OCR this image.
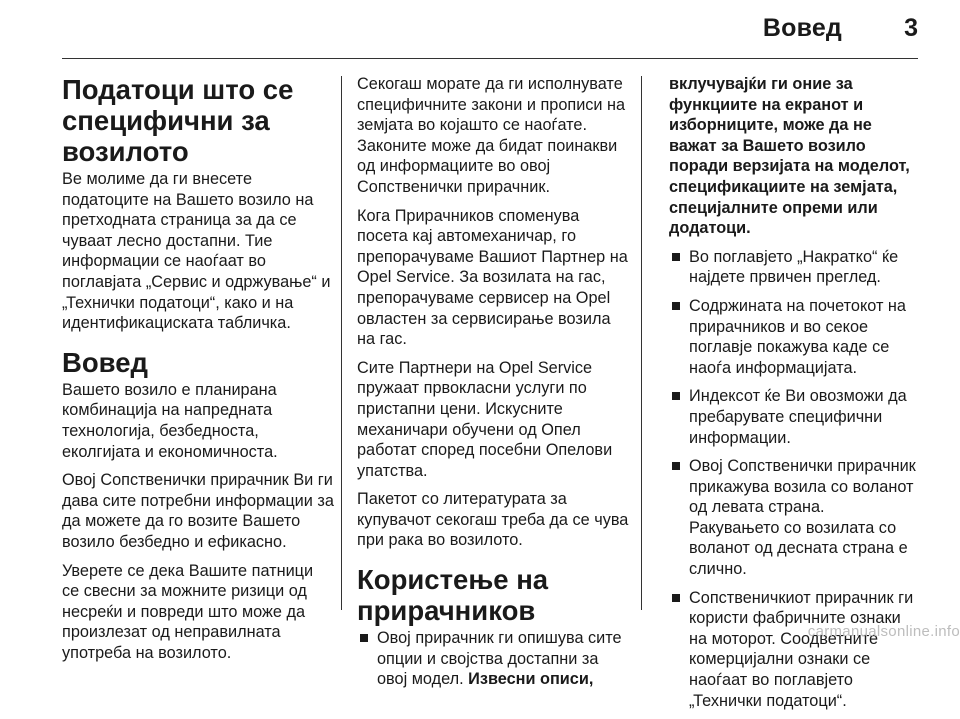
Вовед 3
Податоци што се специфични за возилото

Ве молиме да ги внесете податоците на Вашето возило на претходната страница за да се чуваат лесно достапни. Тие информации се наоѓаат во поглавјата „Сервис и одржување“ и „Технички податоци“, како и на идентификациската табличка.

Вовед

Вашето возило е планирана комбинација на напредната технологија, безбедноста, еколгијата и економичноста.

Овој Сопственички прирачник Ви ги дава сите потребни информации за да можете да го возите Вашето возило безбедно и ефикасно.

Уверете се дека Вашите патници се свесни за можните ризици од несреќи и повреди што може да произлезат од неправилната употреба на возилото.

Секогаш морате да ги исполнувате специфичните закони и прописи на земјата во којашто се наоѓате. Законите може да бидат поинакви од информациите во овој Сопственички прирачник.

Кога Прирачников споменува посета кај автомеханичар, го препорачуваме Вашиот Партнер на Opel Service. За возилата на гас, препорачуваме сервисер на Opel овластен за сервисирање возила на гас.

Сите Партнери на Opel Service пружаат првокласни услуги по пристапни цени. Искусните механичари обучени од Опел работат според посебни Опелови упатства.

Пакетот со литературата за купувачот секогаш треба да се чува при рака во возилото.

Користење на прирачников
Овој прирачник ги опишува сите опции и својства достапни за овој модел. Извесни описи,

вклучувајќи ги оние за функциите на екранот и изборниците, може да не важат за Вашето возило поради верзијата на моделот, спецификациите на земјата, специјалните опреми или додатоци.

Во поглавјето „Накратко“ ќе најдете првичен преглед.
Содржината на почетокот на прирачников и во секое поглавје покажува каде се наоѓа информацијата.
Индексот ќе Ви овозможи да пребарувате специфични информации.
Овој Сопственички прирачник прикажува возила со воланот од левата страна. Ракувањето со возилата со воланот од десната страна е слично.
Сопственичкиот прирачник ги користи фабричните ознаки на моторот. Соодветните комерцијални ознаки се наоѓаат во поглавјето „Технички податоци“.
carmanualsonline.info
